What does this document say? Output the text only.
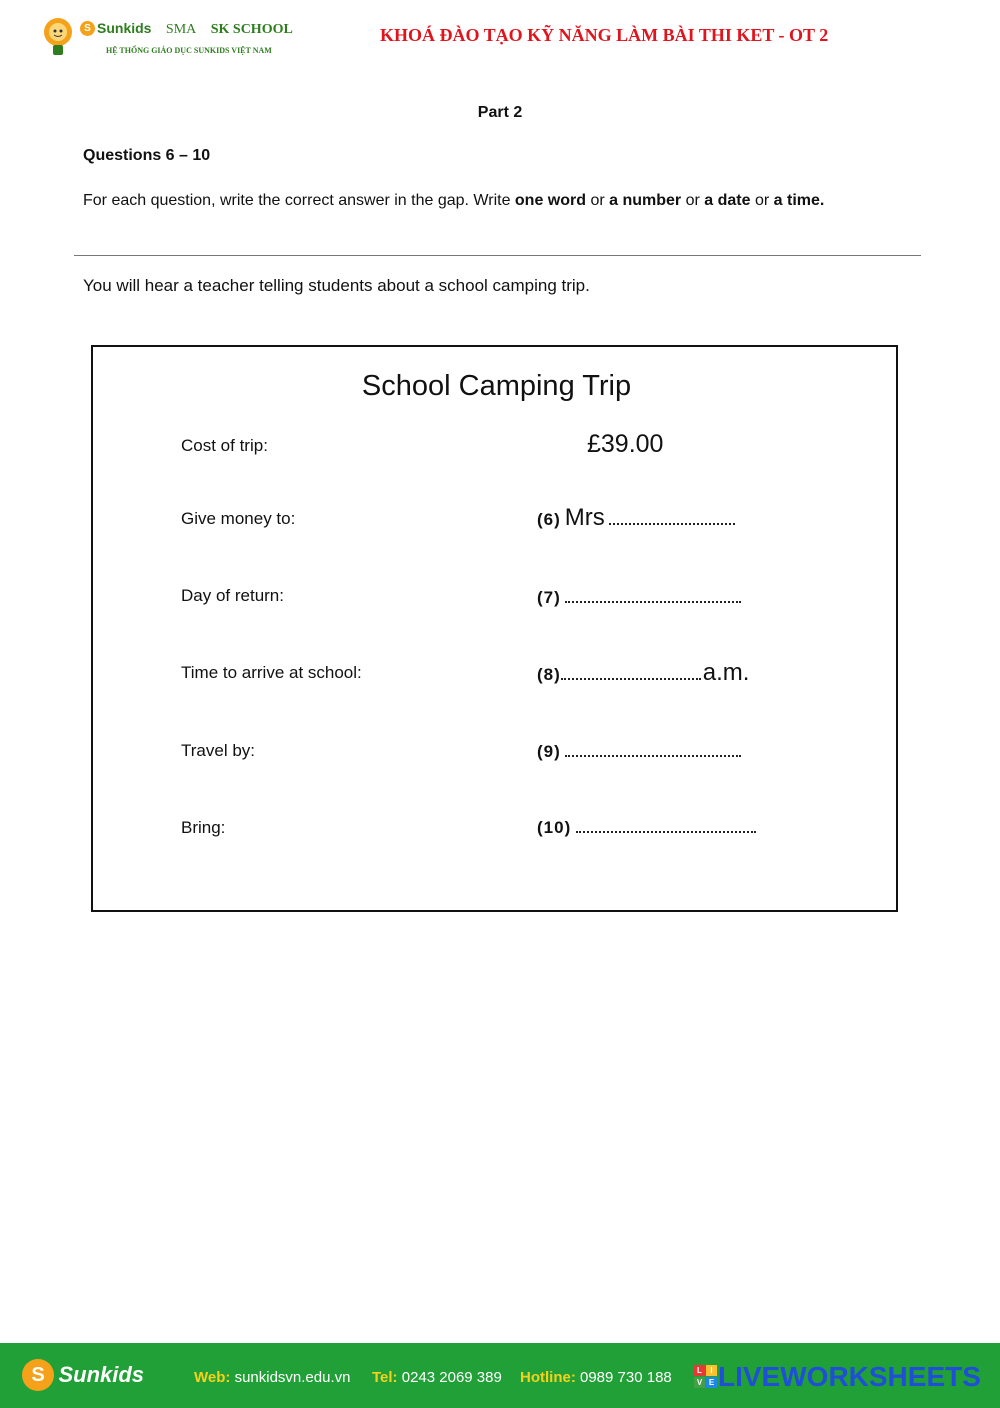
S Sunkids SMA SK SCHOOL
HỆ THỐNG GIÁO DỤC SUNKIDS VIỆT NAM
KHOÁ ĐÀO TẠO KỸ NĂNG LÀM BÀI THI KET - OT 2
Part 2
Questions 6 – 10
For each question, write the correct answer in the gap. Write one word or a number or a date or a time.
You will hear a teacher telling students about a school camping trip.
School Camping Trip
Cost of trip:	£39.00
Give money to:	(6) Mrs
Day of return:	(7)
Time to arrive at school:	(8)	a.m.
Travel by:	(9)
Bring:	(10)
S Sunkids	Web: sunkidsvn.edu.vn Tel: 0243 2069 389 Hotline: 0989 730 188	L	I
V E LIVEWORKSHEETS
